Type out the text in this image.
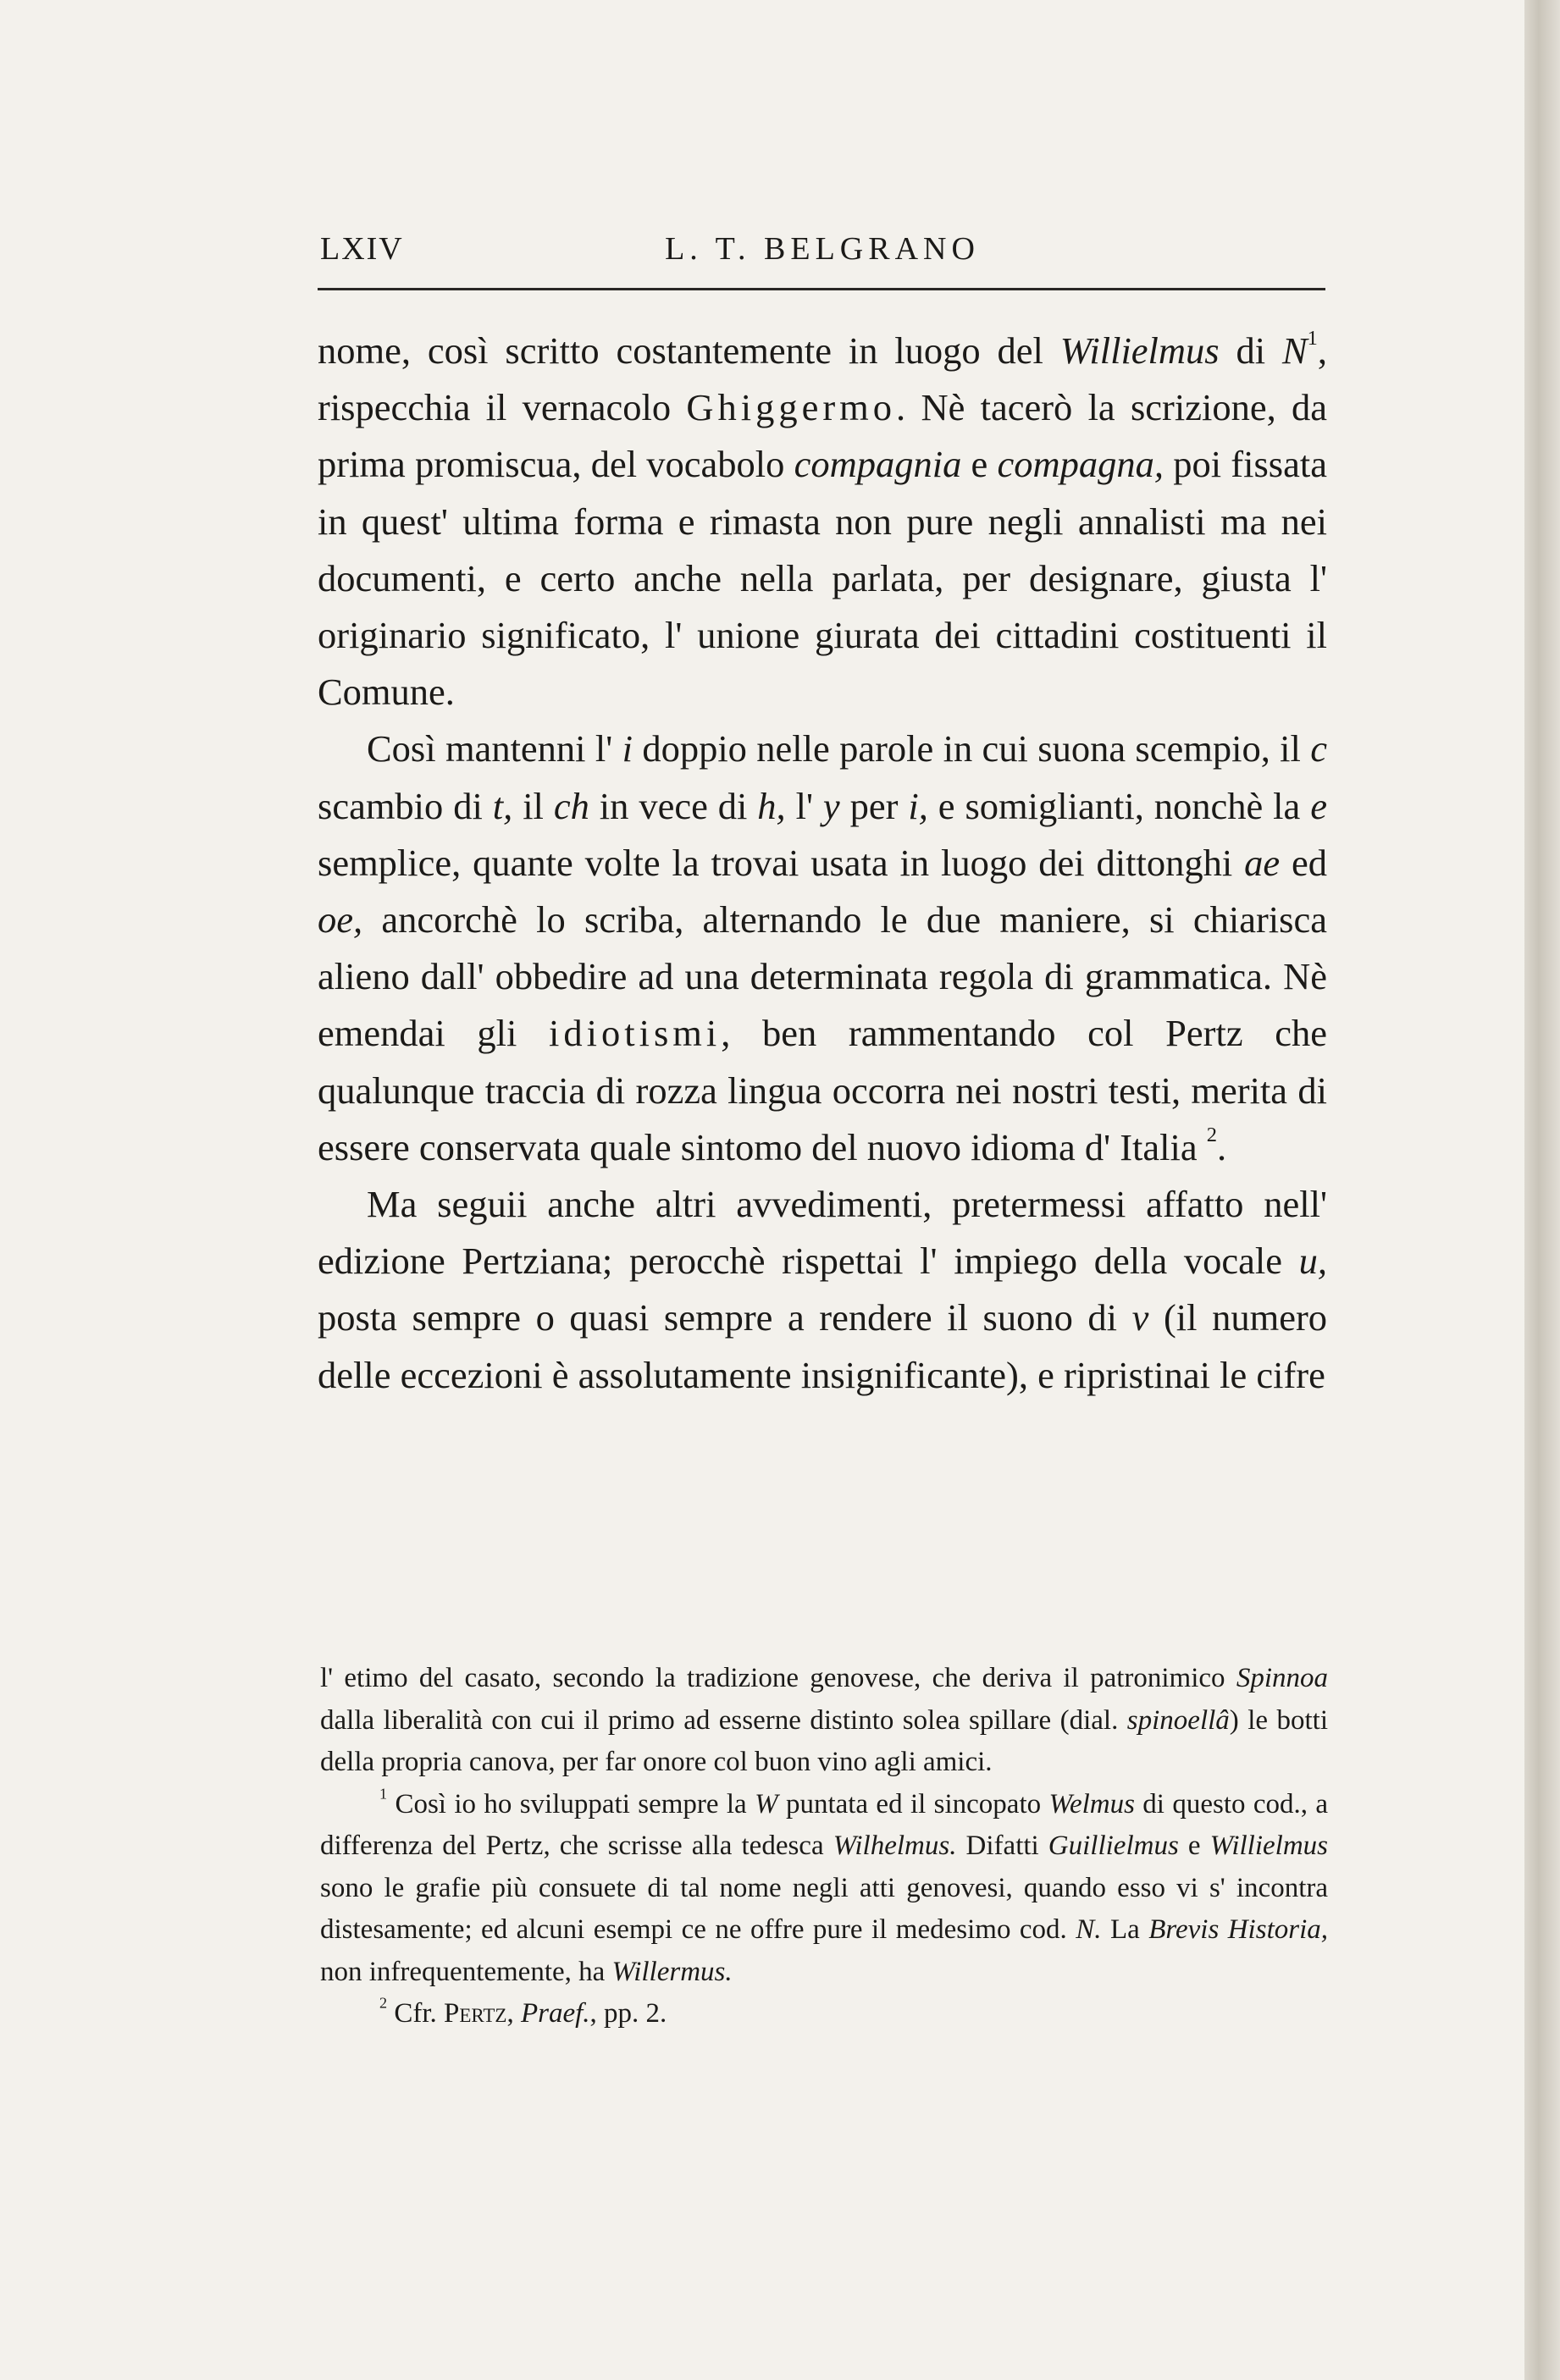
LXIV	L. T. BELGRANO

nome, così scritto costantemente in luogo del Willielmus di $N^1$, rispecchia il vernacolo Ghiggermo. Nè tacerò la scrizione, da prima promiscua, del vocabolo compagnia e compagna, poi fissata in quest' ultima forma e rimasta non pure negli annalisti ma nei documenti, e certo anche nella parlata, per designare, giusta l' originario significato, l' unione giurata dei cittadini costituenti il Comune.

Così mantenni l' i doppio nelle parole in cui suona scempio, il c scambio di t, il ch in vece di h, l' y per i, e somiglianti, nonchè la e semplice, quante volte la trovai usata in luogo dei dittonghi ae ed oe, ancorchè lo scriba, alternando le due maniere, si chiarisca alieno dall' obbedire ad una determinata regola di grammatica. Nè emendai gli idiotismi, ben rammentando col Pertz che qualunque traccia di rozza lingua occorra nei nostri testi, merita di essere conservata quale sintomo del nuovo idioma d' Italia $^2$.

Ma seguii anche altri avvedimenti, pretermessi affatto nell' edizione Pertziana; perocchè rispettai l' impiego della vocale u, posta sempre o quasi sempre a rendere il suono di v (il numero delle eccezioni è assolutamente insignificante), e ripristinai le cifre

l' etimo del casato, secondo la tradizione genovese, che deriva il patronimico Spinnoa dalla liberalità con cui il primo ad esserne distinto solea spillare (dial. spinoellâ) le botti della propria canova, per far onore col buon vino agli amici.

$^1$ Così io ho sviluppati sempre la W puntata ed il sincopato Welmus di questo cod., a differenza del Pertz, che scrisse alla tedesca Wilhelmus. Difatti Guillielmus e Willielmus sono le grafie più consuete di tal nome negli atti genovesi, quando esso vi s' incontra distesamente; ed alcuni esempi ce ne offre pure il medesimo cod. N. La Brevis Historia, non infrequentemente, ha Willermus.

$^2$ Cfr. Pertz, Praef., pp. 2.
